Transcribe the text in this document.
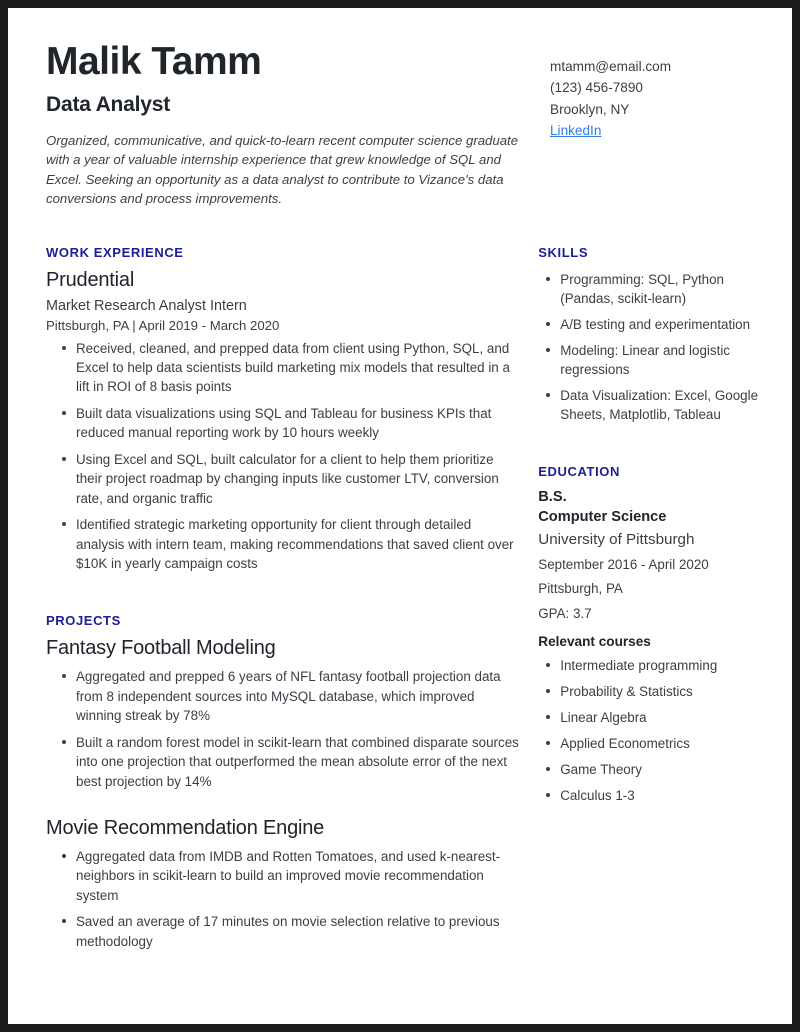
Malik Tamm
Data Analyst
Organized, communicative, and quick-to-learn recent computer science graduate with a year of valuable internship experience that grew knowledge of SQL and Excel. Seeking an opportunity as a data analyst to contribute to Vizance's data conversions and process improvements.
mtamm@email.com
(123) 456-7890
Brooklyn, NY
LinkedIn
WORK EXPERIENCE
Prudential
Market Research Analyst Intern
Pittsburgh, PA | April 2019 - March 2020
Received, cleaned, and prepped data from client using Python, SQL, and Excel to help data scientists build marketing mix models that resulted in a lift in ROI of 8 basis points
Built data visualizations using SQL and Tableau for business KPIs that reduced manual reporting work by 10 hours weekly
Using Excel and SQL, built calculator for a client to help them prioritize their project roadmap by changing inputs like customer LTV, conversion rate, and organic traffic
Identified strategic marketing opportunity for client through detailed analysis with intern team, making recommendations that saved client over $10K in yearly campaign costs
PROJECTS
Fantasy Football Modeling
Aggregated and prepped 6 years of NFL fantasy football projection data from 8 independent sources into MySQL database, which improved winning streak by 78%
Built a random forest model in scikit-learn that combined disparate sources into one projection that outperformed the mean absolute error of the next best projection by 14%
Movie Recommendation Engine
Aggregated data from IMDB and Rotten Tomatoes, and used k-nearest-neighbors in scikit-learn to build an improved movie recommendation system
Saved an average of 17 minutes on movie selection relative to previous methodology
SKILLS
Programming: SQL, Python (Pandas, scikit-learn)
A/B testing and experimentation
Modeling: Linear and logistic regressions
Data Visualization: Excel, Google Sheets, Matplotlib, Tableau
EDUCATION
B.S.
Computer Science
University of Pittsburgh
September 2016 - April 2020
Pittsburgh, PA
GPA: 3.7
Relevant courses
Intermediate programming
Probability & Statistics
Linear Algebra
Applied Econometrics
Game Theory
Calculus 1-3
